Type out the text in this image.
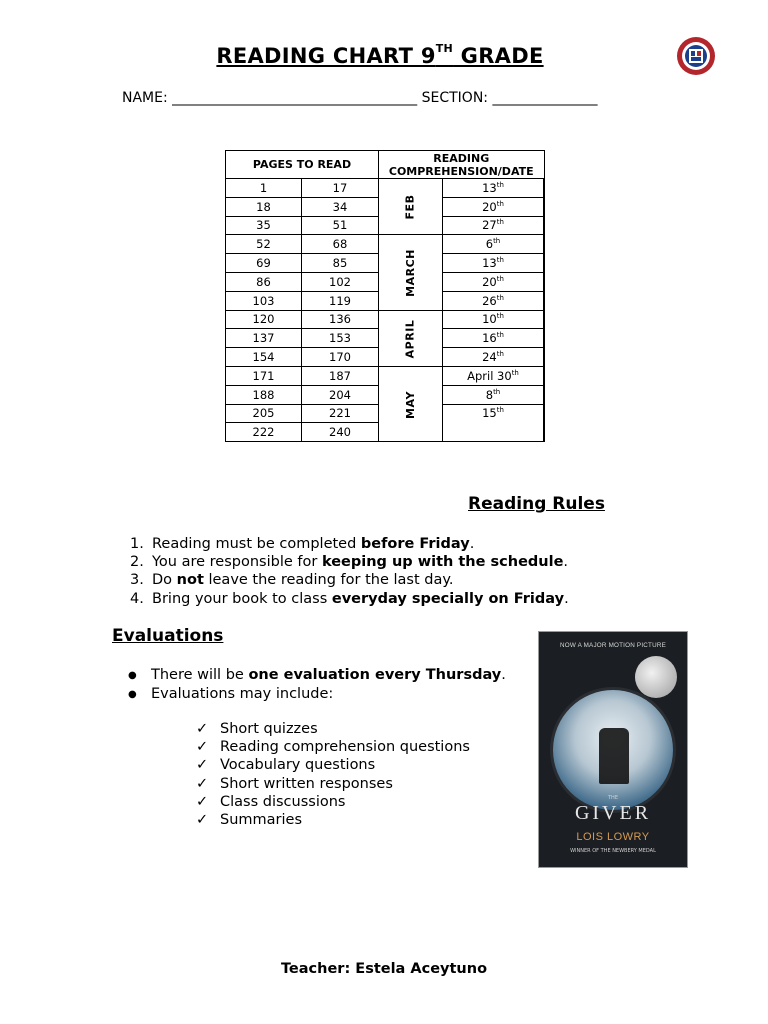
READING CHART 9TH GRADE
NAME: ___________________________________ SECTION: _______________
PAGES TO READ		READING
COMPREHENSION/DATE	
1	17	FEB	13th
18	34		20th
35	51		27th
52	68	MARCH	6th
69	85		13th
86	102		20th
103	119		26th
120	136	APRIL	10th
137	153		16th
154	170		24th
171	187	MAY	April 30th
188	204		8th
205	221		15th
222	240		
Reading Rules
1. Reading must be completed before Friday.
2. You are responsible for keeping up with the schedule.
3. Do not leave the reading for the last day.
4. Bring your book to class everyday specially on Friday.
Evaluations
● There will be one evaluation every Thursday.
● Evaluations may include:
✓ Short quizzes
✓ Reading comprehension questions
✓ Vocabulary questions
✓ Short written responses
✓ Class discussions
✓ Summaries
NOW A MAJOR MOTION PICTURE
THE
GIVER
LOIS LOWRY
WINNER OF THE NEWBERY MEDAL
Teacher: Estela Aceytuno
